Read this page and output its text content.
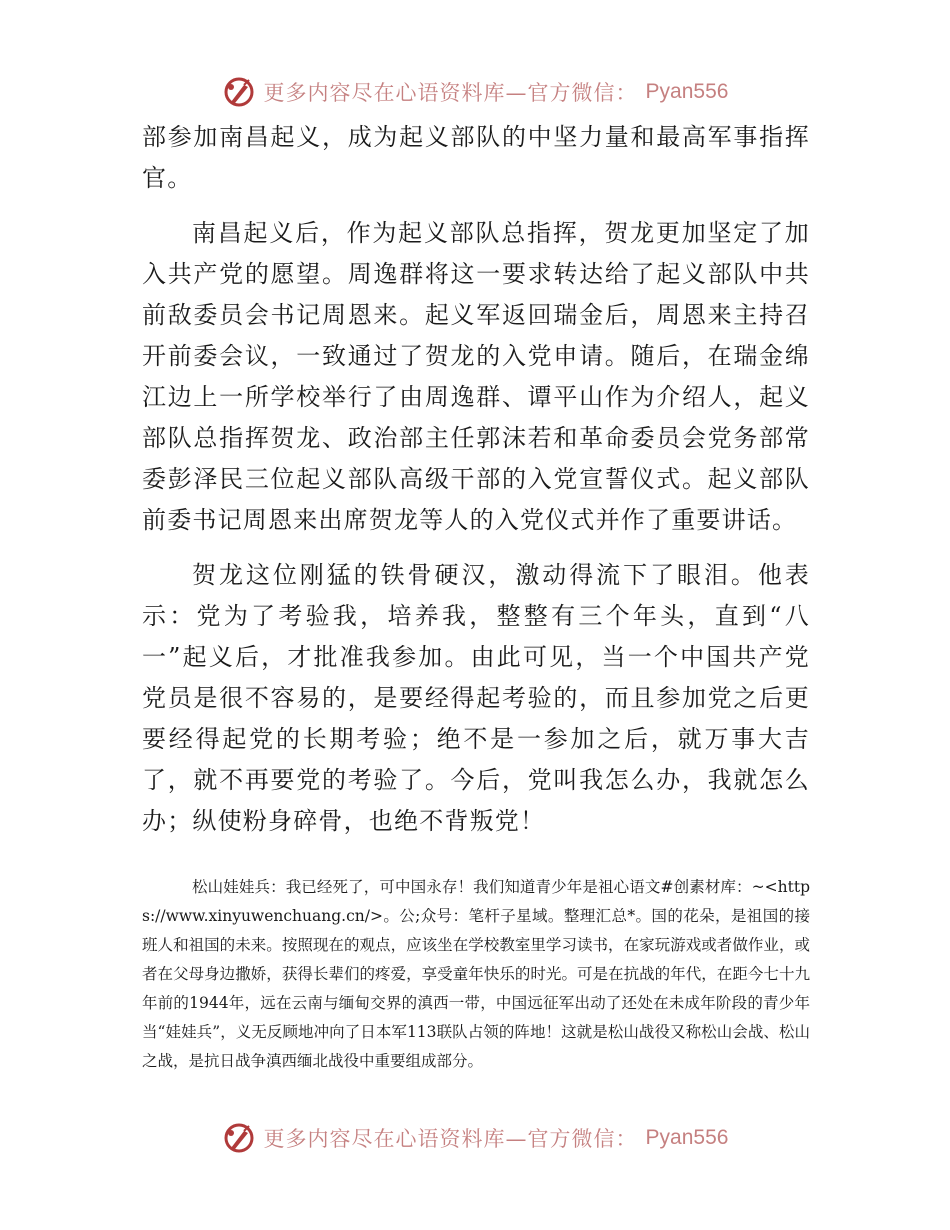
更多内容尽在心语资料库—官方微信： Pyan556

部参加南昌起义，成为起义部队的中坚力量和最高军事指挥官。

南昌起义后，作为起义部队总指挥，贺龙更加坚定了加入共产党的愿望。周逸群将这一要求转达给了起义部队中共前敌委员会书记周恩来。起义军返回瑞金后，周恩来主持召开前委会议，一致通过了贺龙的入党申请。随后，在瑞金绵江边上一所学校举行了由周逸群、谭平山作为介绍人，起义部队总指挥贺龙、政治部主任郭沫若和革命委员会党务部常委彭泽民三位起义部队高级干部的入党宣誓仪式。起义部队前委书记周恩来出席贺龙等人的入党仪式并作了重要讲话。

贺龙这位刚猛的铁骨硬汉，激动得流下了眼泪。他表示：党为了考验我，培养我，整整有三个年头，直到“八一”起义后，才批准我参加。由此可见，当一个中国共产党党员是很不容易的，是要经得起考验的，而且参加党之后更要经得起党的长期考验；绝不是一参加之后，就万事大吉了，就不再要党的考验了。今后，党叫我怎么办，我就怎么办；纵使粉身碎骨，也绝不背叛党！

松山娃娃兵：我已经死了，可中国永存！我们知道青少年是祖心语文#创素材库：~<https://www.xinyuwenchuang.cn/>。公;众号：笔杆子星域。整理汇总*。国的花朵，是祖国的接班人和祖国的未来。按照现在的观点，应该坐在学校教室里学习读书，在家玩游戏或者做作业，或者在父母身边撒娇，获得长辈们的疼爱，享受童年快乐的时光。可是在抗战的年代，在距今七十九年前的1944年，远在云南与缅甸交界的滇西一带，中国远征军出动了还处在未成年阶段的青少年当“娃娃兵”，义无反顾地冲向了日本军113联队占领的阵地！这就是松山战役又称松山会战、松山之战，是抗日战争滇西缅北战役中重要组成部分。

更多内容尽在心语资料库—官方微信： Pyan556
